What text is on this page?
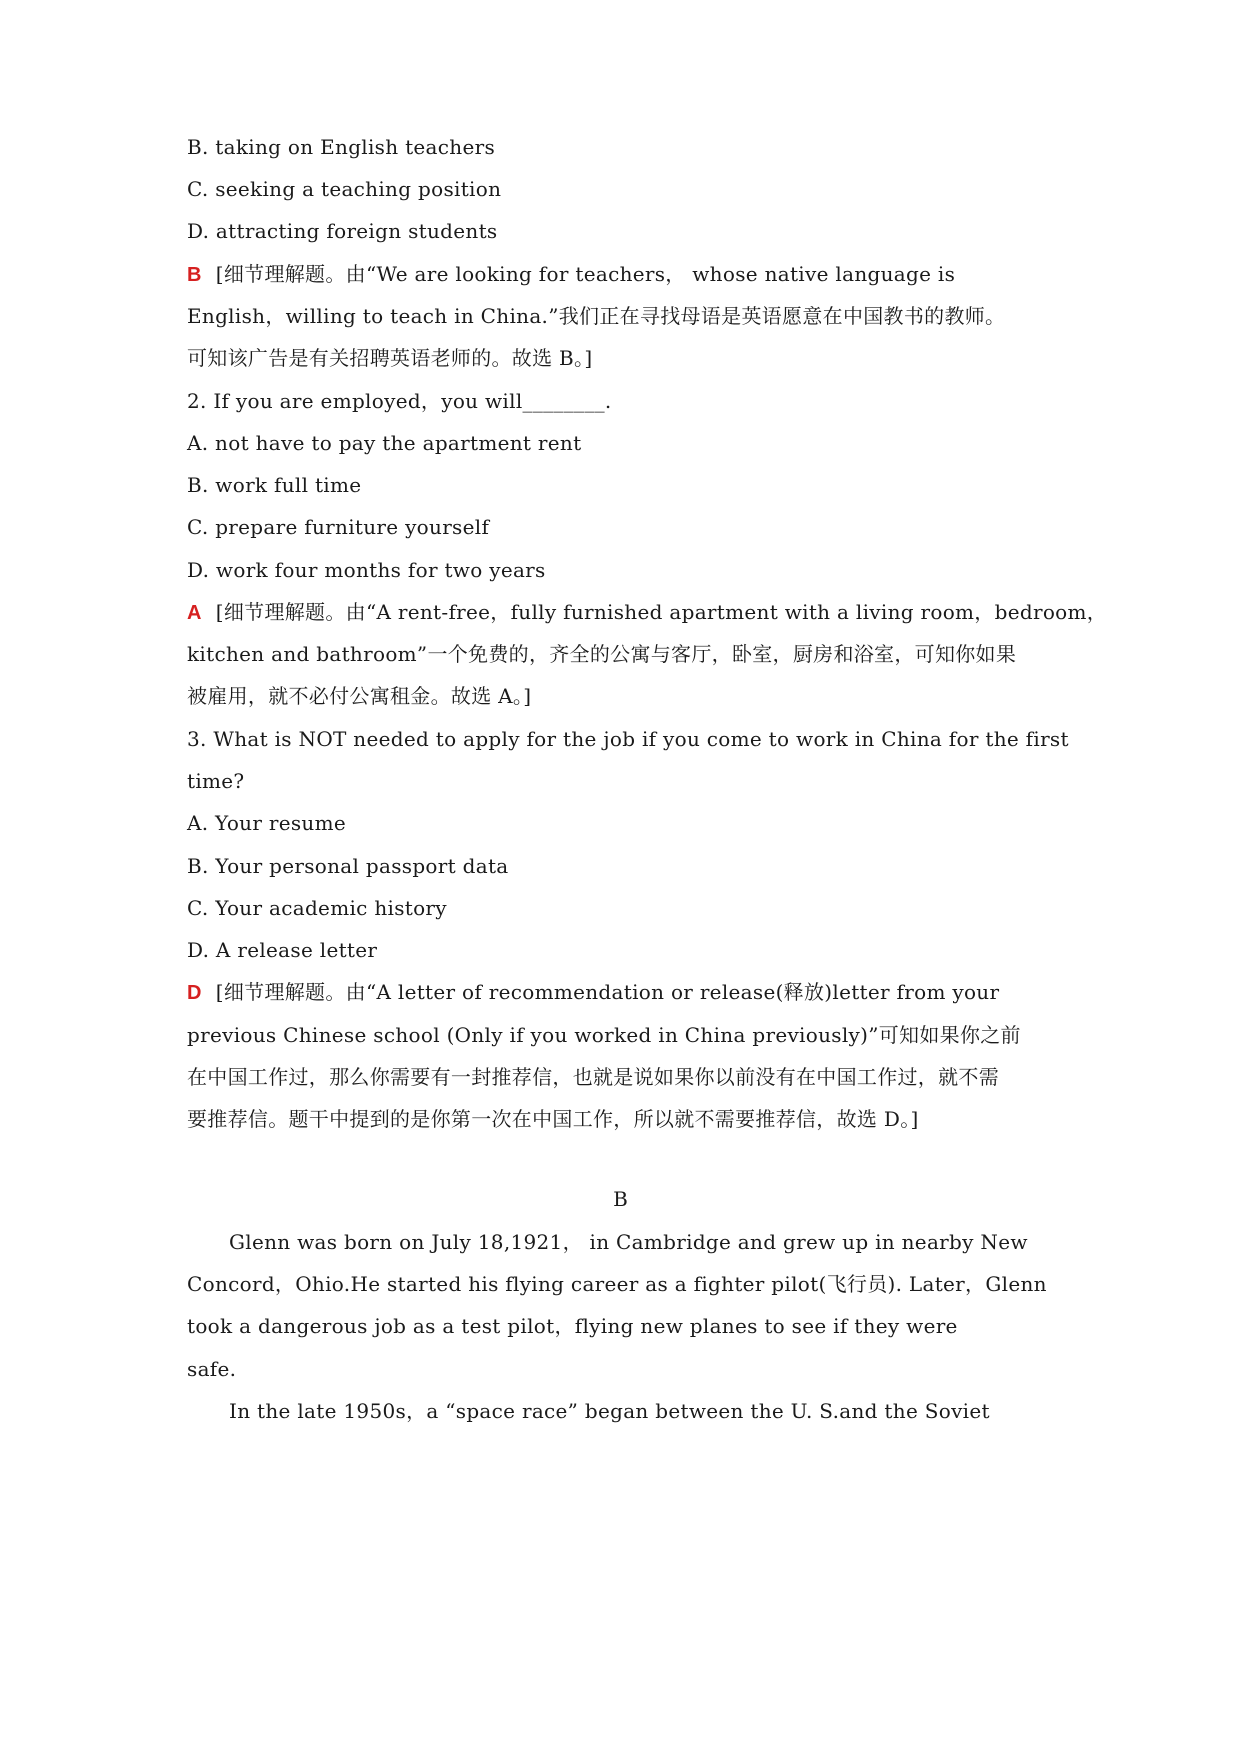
B. taking on English teachers
C. seeking a teaching position
D. attracting foreign students
B [细节理解题。由“We are looking for teachers， whose native language is
English，willing to teach in China.”我们正在寻找母语是英语愿意在中国教书的教师。
可知该广告是有关招聘英语老师的。故选 B。]
2. If you are employed，you will________.
A. not have to pay the apartment rent
B. work full time
C. prepare furniture yourself
D. work four months for two years
A [细节理解题。由“A rent-free，fully furnished apartment with a living room，bedroom，
kitchen and bathroom”一个免费的，齐全的公寓与客厅，卧室，厨房和浴室，可知你如果
被雇用，就不必付公寓租金。故选 A。]
3. What is NOT needed to apply for the job if you come to work in China for the first
time?
A. Your resume
B. Your personal passport data
C. Your academic history
D. A release letter
D [细节理解题。由“A letter of recommendation or release(释放)letter from your
previous Chinese school (Only if you worked in China previously)”可知如果你之前
在中国工作过，那么你需要有一封推荐信，也就是说如果你以前没有在中国工作过，就不需
要推荐信。题干中提到的是你第一次在中国工作，所以就不需要推荐信，故选 D。]
B
Glenn was born on July 18,1921， in Cambridge and grew up in nearby New
Concord，Ohio.He started his flying career as a fighter pilot(飞行员). Later，Glenn
took a dangerous job as a test pilot，flying new planes to see if they were
safe.
In the late 1950s，a “space race” began between the U. S.and the Soviet
